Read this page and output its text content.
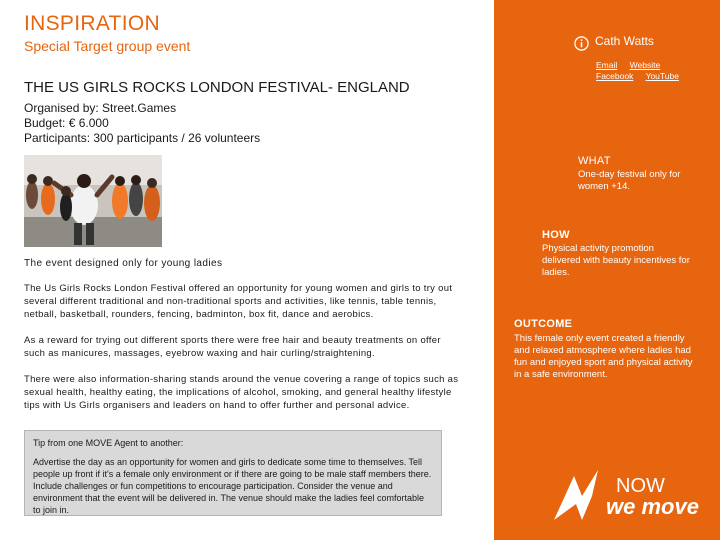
INSPIRATION
Special Target group event
THE US GIRLS ROCKS LONDON FESTIVAL- ENGLAND
Organised by: Street.Games
Budget: € 6.000
Participants: 300 participants / 26 volunteers
The event designed only for young ladies

The Us Girls Rocks London Festival offered an opportunity for young women and girls to try out several different traditional and non-traditional sports and activities, like tennis, table tennis, netball, basketball, rounders, fencing, badminton, box fit, dance and aerobics.

As a reward for trying out different sports there were free hair and beauty treatments on offer such as manicures, massages, eyebrow waxing and hair curling/straightening.

There were also information-sharing stands around the venue covering a range of topics such as sexual health, healthy eating, the implications of alcohol, smoking, and general healthy lifestyle tips with Us Girls organisers and leaders on hand to offer further and personal advice.

Tip from one MOVE Agent to another:

Advertise the day as an opportunity for women and girls to dedicate some time to themselves. Tell people up front if it's a female only environment or if there are going to be male staff members there. Include challenges or fun competitions to encourage participation. Consider the venue and environment that the event will be delivered in. The venue should make the ladies feel comfortable to join in.

Cath Watts
Email Website
Facebook YouTube
WHAT
One-day festival only for women +14.
HOW
Physical activity promotion delivered with beauty incentives for ladies.
OUTCOME
This female only event created a friendly and relaxed atmosphere where ladies had fun and enjoyed sport and physical activity in a safe environment.
NOW
we move
